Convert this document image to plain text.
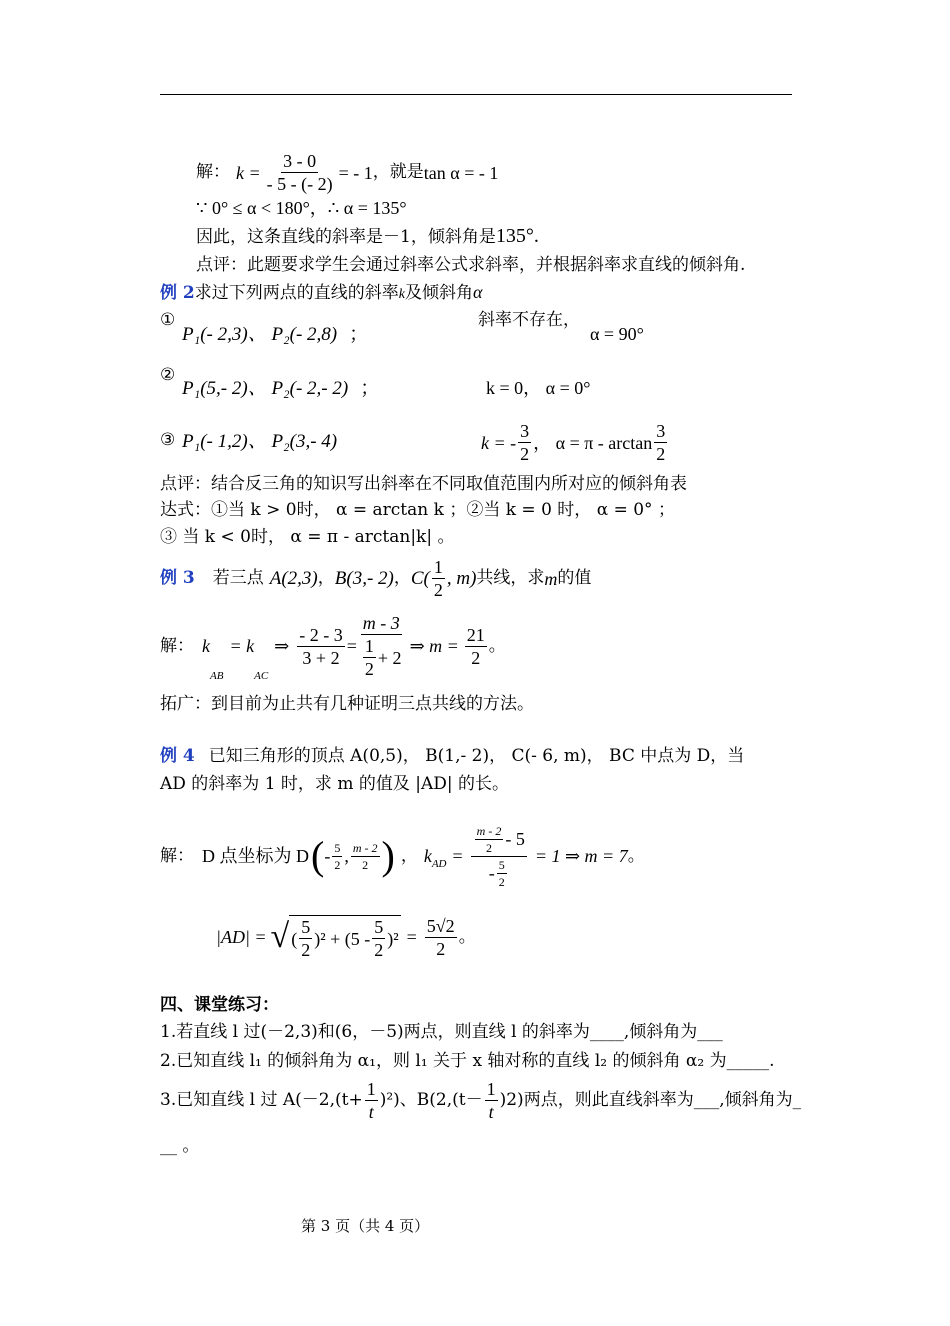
解： $k = \frac{3 - 0}{- 5 - (- 2)}$ = - 1 ，就是 tan α = - 1
∵ 0° ≤ α < 180°，∴ α = 135°
因此，这条直线的斜率是－1，倾斜角是135°.
点评：此题要求学生会通过斜率公式求斜率，并根据斜率求直线的倾斜角.
例 2求过下列两点的直线的斜率k及倾斜角α
①
P₁(- 2,3)、 P₂(- 2,8) ；
斜率不存在，
α = 90°
②
P₁(5,- 2)、 P₂(- 2,- 2) ；	k = 0， α = 0°
③ P₁(- 1,2)、 P₂(3,- 4)	k = - $\frac{3}{2}$ ， $\alpha = \pi - \arctan \frac{3}{2}$
点评：结合反三角的知识写出斜率在不同取值范围内所对应的倾斜角表
达式：①当 k > 0时， α = arctan k ；②当 k = 0 时， α = 0° ；
③ 当 k < 0时， α = π - arctan|k| 。
例 3 若三点 A(2,3) ， B(3,- 2) ， $C( \frac{1}{2}$ , m) 共线，求 m 的值
解： k
AB
= k
AC
⇒ $\frac{- 2 - 3}{3 + 2} = \frac{m - 3}{\frac{1}{2} + 2}$ ⇒ $m = \frac{21}{2}$ 。
拓广：到目前为止共有几种证明三点共线的方法。
例 4 已知三角形的顶点 A(0,5)， B(1,- 2)， C(- 6, m)， BC 中点为 D，当
AD 的斜率为 1 时，求 m 的值及 |AD| 的长。
解： D 点坐标为 D ( - $\frac{5}{2}$ , $\frac{m - 2}{2}$ ) ， k AD = $\frac{\frac{m - 2}{2} - 5}{- \frac{5}{2}} = 1$ ⇒ m = 7 。
|AD| = √ ( $\frac{5}{2} )^2 + (5 - \frac{5}{2} )^2 = \frac{5√2}{2}$ 。
四、课堂练习：
1.若直线 l 过(－2,3)和(6，－5)两点，则直线 l 的斜率为____,倾斜角为___
2.已知直线 l₁ 的倾斜角为 α₁，则 l₁ 关于 x 轴对称的直线 l₂ 的倾斜角 α₂ 为_____.
3.已知直线 l 过 $A(-2,(t+ \frac{1}{t} )^2)$、$B(2,(t- \frac{1}{t} )2)$两点，则此直线斜率为___,倾斜角为_
__ 。
第 3 页（共 4 页）
